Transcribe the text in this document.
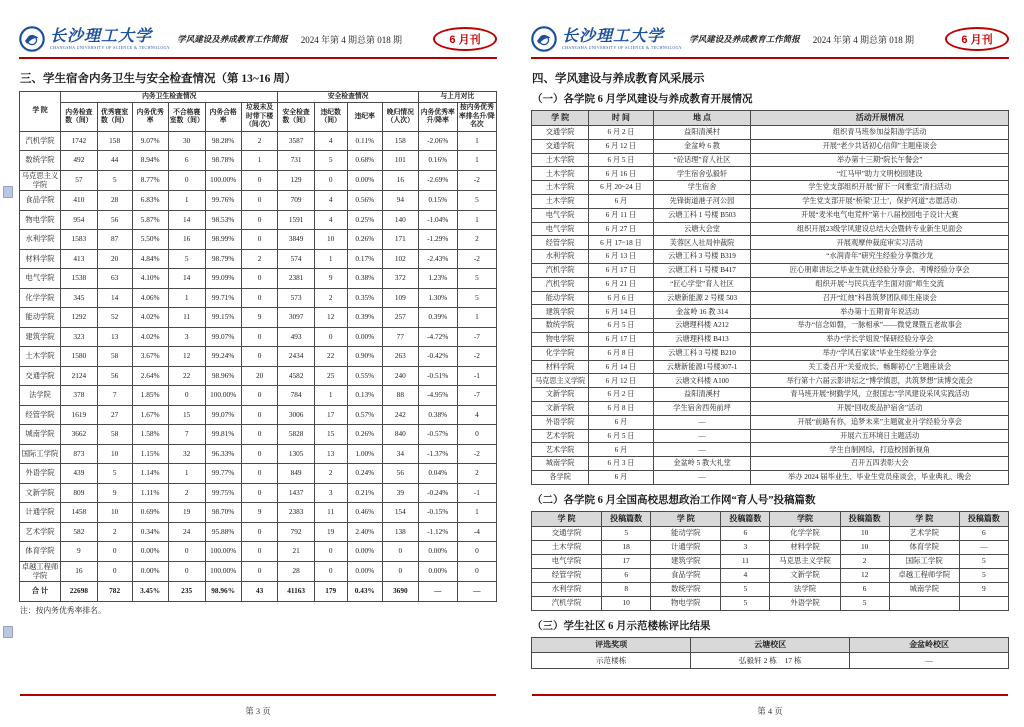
长沙理工大学
CHANGSHA UNIVERSITY OF SCIENCE & TECHNOLOGY
学风建设及养成教育工作简报 2024 年第 4 期总第 018 期	6 月刊
三、学生宿舍内务卫生与安全检查情况（第 13~16 周）
学 院	内务卫生检查情况						安全检查情况				与上月对比	
	内务检查数（间）	优秀寝室数（间）	内务优秀率	不合格寝室数（间）	内务合格率	垃圾未及时带下楼（间/次）	安全检查数（间）	违纪数（间）	违纪率	晚归情况（人次）	内务优秀率升/降率	按内务优秀率排名升/降名次
汽机学院	1742	158	9.07%	30	98.28%	2	3587	4	0.11%	158	-2.06%	1
数统学院	492	44	8.94%	6	98.78%	1	731	5	0.68%	101	0.16%	1
马克思主义学院	57	5	8.77%	0	100.00%	0	129	0	0.00%	16	-2.69%	-2
食品学院	410	28	6.83%	1	99.76%	0	709	4	0.56%	94	0.15%	5
物电学院	954	56	5.87%	14	98.53%	0	1591	4	0.25%	140	-1.04%	1
水利学院	1583	87	5.50%	16	98.99%	0	3849	10	0.26%	171	-1.29%	2
材料学院	413	20	4.84%	5	98.79%	2	574	1	0.17%	102	-2.43%	-2
电气学院	1538	63	4.10%	14	99.09%	0	2381	9	0.38%	372	1.23%	5
化学学院	345	14	4.06%	1	99.71%	0	573	2	0.35%	109	1.30%	5
能动学院	1292	52	4.02%	11	99.15%	9	3097	12	0.39%	257	0.39%	1
建筑学院	323	13	4.02%	3	99.07%	0	493	0	0.00%	77	-4.72%	-7
土木学院	1580	58	3.67%	12	99.24%	0	2434	22	0.90%	263	-0.42%	-2
交通学院	2124	56	2.64%	22	98.96%	20	4582	25	0.55%	240	-0.51%	-1
法学院	378	7	1.85%	0	100.00%	0	784	1	0.13%	88	-4.95%	-7
经管学院	1619	27	1.67%	15	99.07%	0	3006	17	0.57%	242	0.38%	4
城南学院	3662	58	1.58%	7	99.81%	0	5828	15	0.26%	840	-0.57%	0
国际工学院	873	10	1.15%	32	96.33%	0	1305	13	1.00%	34	-1.37%	-2
外语学院	439	5	1.14%	1	99.77%	0	849	2	0.24%	56	0.04%	2
文新学院	809	9	1.11%	2	99.75%	0	1437	3	0.21%	39	-0.24%	-1
计通学院	1458	10	0.69%	19	98.70%	9	2383	11	0.46%	154	-0.15%	1
艺术学院	582	2	0.34%	24	95.88%	0	792	19	2.40%	138	-1.12%	-4
体育学院	9	0	0.00%	0	100.00%	0	21	0	0.00%	0	0.00%	0
卓越工程师学院	16	0	0.00%	0	100.00%	0	28	0	0.00%	0	0.00%	0
合 计	22698	782	3.45%	235	98.96%	43	41163	179	0.43%	3690	—	—
注：按内务优秀率排名。
第 3 页
长沙理工大学
CHANGSHA UNIVERSITY OF SCIENCE & TECHNOLOGY
学风建设及养成教育工作简报 2024 年第 4 期总第 018 期	6 月刊
四、学风建设与养成教育风采展示
（一）各学院 6 月学风建设与养成教育开展情况
学 院	时 间	地 点	活动开展情况
交通学院	6 月 2 日	益阳清溪村	组织青马班参加益阳游学活动
交通学院	6 月 12 日	金盆岭 6 教	开展“老少共话初心信仰”主题座谈会
土木学院	6 月 5 日	“砼话理”育人社区	举办第十三期“院长午餐会”
土木学院	6 月 16 日	学生宿舍弘毅轩	“红马甲”助力文明校园建设
土木学院	6 月 20~24 日	学生宿舍	学生党支部组织开展“留下一间雅室”清扫活动
土木学院	6 月	先锋街道港子河公园	学生党支部开展“桥梁‘卫士’，保护河道”志愿活动
电气学院	6 月 11 日	云塘工科 1 号楼 B503	开展“麦米电气电荒杯”第十八届校园电子设计大赛
电气学院	6 月 27 日	云塘大会堂	组织开展23级学风建设总结大会暨转专业新生见面会
经管学院	6 月 17~18 日	芙蓉区人社局仲裁院	开展观摩仲裁庭审实习活动
水利学院	6 月 13 日	云塘工科 3 号楼 B319	“水润青年”研究生经验分享微沙龙
汽机学院	6 月 17 日	云塘工科 1 号楼 B417	匠心朋辈讲坛之毕业生就业经验分享会、考博经验分享会
汽机学院	6 月 21 日	“匠心学堂”育人社区	组织开展“与民兵连学生面对面”师生交流
能动学院	6 月 6 日	云塘新能源 2 号楼 503	召开“红烛”科普筑梦团队师生座谈会
建筑学院	6 月 14 日	金盆岭 16 教 314	举办第十五期青年说活动
数统学院	6 月 5 日	云塘理科楼 A212	举办“信念如磐，一脉相承”——微党课暨五老故事会
物电学院	6 月 17 日	云塘理科楼 B413	举办“学长学姐说”保研经验分享会
化学学院	6 月 8 日	云塘工科 3 号楼 B210	举办“学风百家谈”毕业生经验分享会
材料学院	6 月 14 日	云塘新能源1号楼307-1	关工委召开“关爱成长、畅聊初心”主题座谈会
马克思主义学院	6 月 12 日	云塘文科楼 A100	举行第十六届云影讲坛之“博学慎思，共筑梦想”读博交流会
文新学院	6 月 2 日	益阳清溪村	青马班开展“树勤学风，立报国志”学风建设采风实践活动
文新学院	6 月 8 日	学生宿舍西苑前坪	开展“回收废品护宿舍”活动
外语学院	6 月	—	开展“前路有你，追梦未来”主题就业升学经验分享会
艺术学院	6 月 5 日	—	开展六五环境日主题活动
艺术学院	6 月	—	学生自制网综，打造校园新视角
城南学院	6 月 3 日	金盆岭 5 教大礼堂	召开五四表彰大会
各学院	6 月	—	举办 2024 届毕业生、毕业生党员座谈会，毕业典礼、晚会
（二）各学院 6 月全国高校思想政治工作网“育人号”投稿篇数
学 院	投稿篇数	学 院	投稿篇数	学院	投稿篇数	学 院	投稿篇数
交通学院	5	能动学院	6	化学学院	10	艺术学院	6
土木学院	18	计通学院	3	材料学院	10	体育学院	—
电气学院	17	建筑学院	11	马克思主义学院	2	国际工学院	5
经管学院	6	食品学院	4	文新学院	12	卓越工程师学院	5
水利学院	8	数统学院	5	法学院	6	城南学院	9
汽机学院	10	物电学院	5	外语学院	5		
（三）学生社区 6 月示范楼栋评比结果
评选奖项	云塘校区	金盆岭校区
示范楼栋	弘毅轩 2 栋　17 栋	—
第 4 页
